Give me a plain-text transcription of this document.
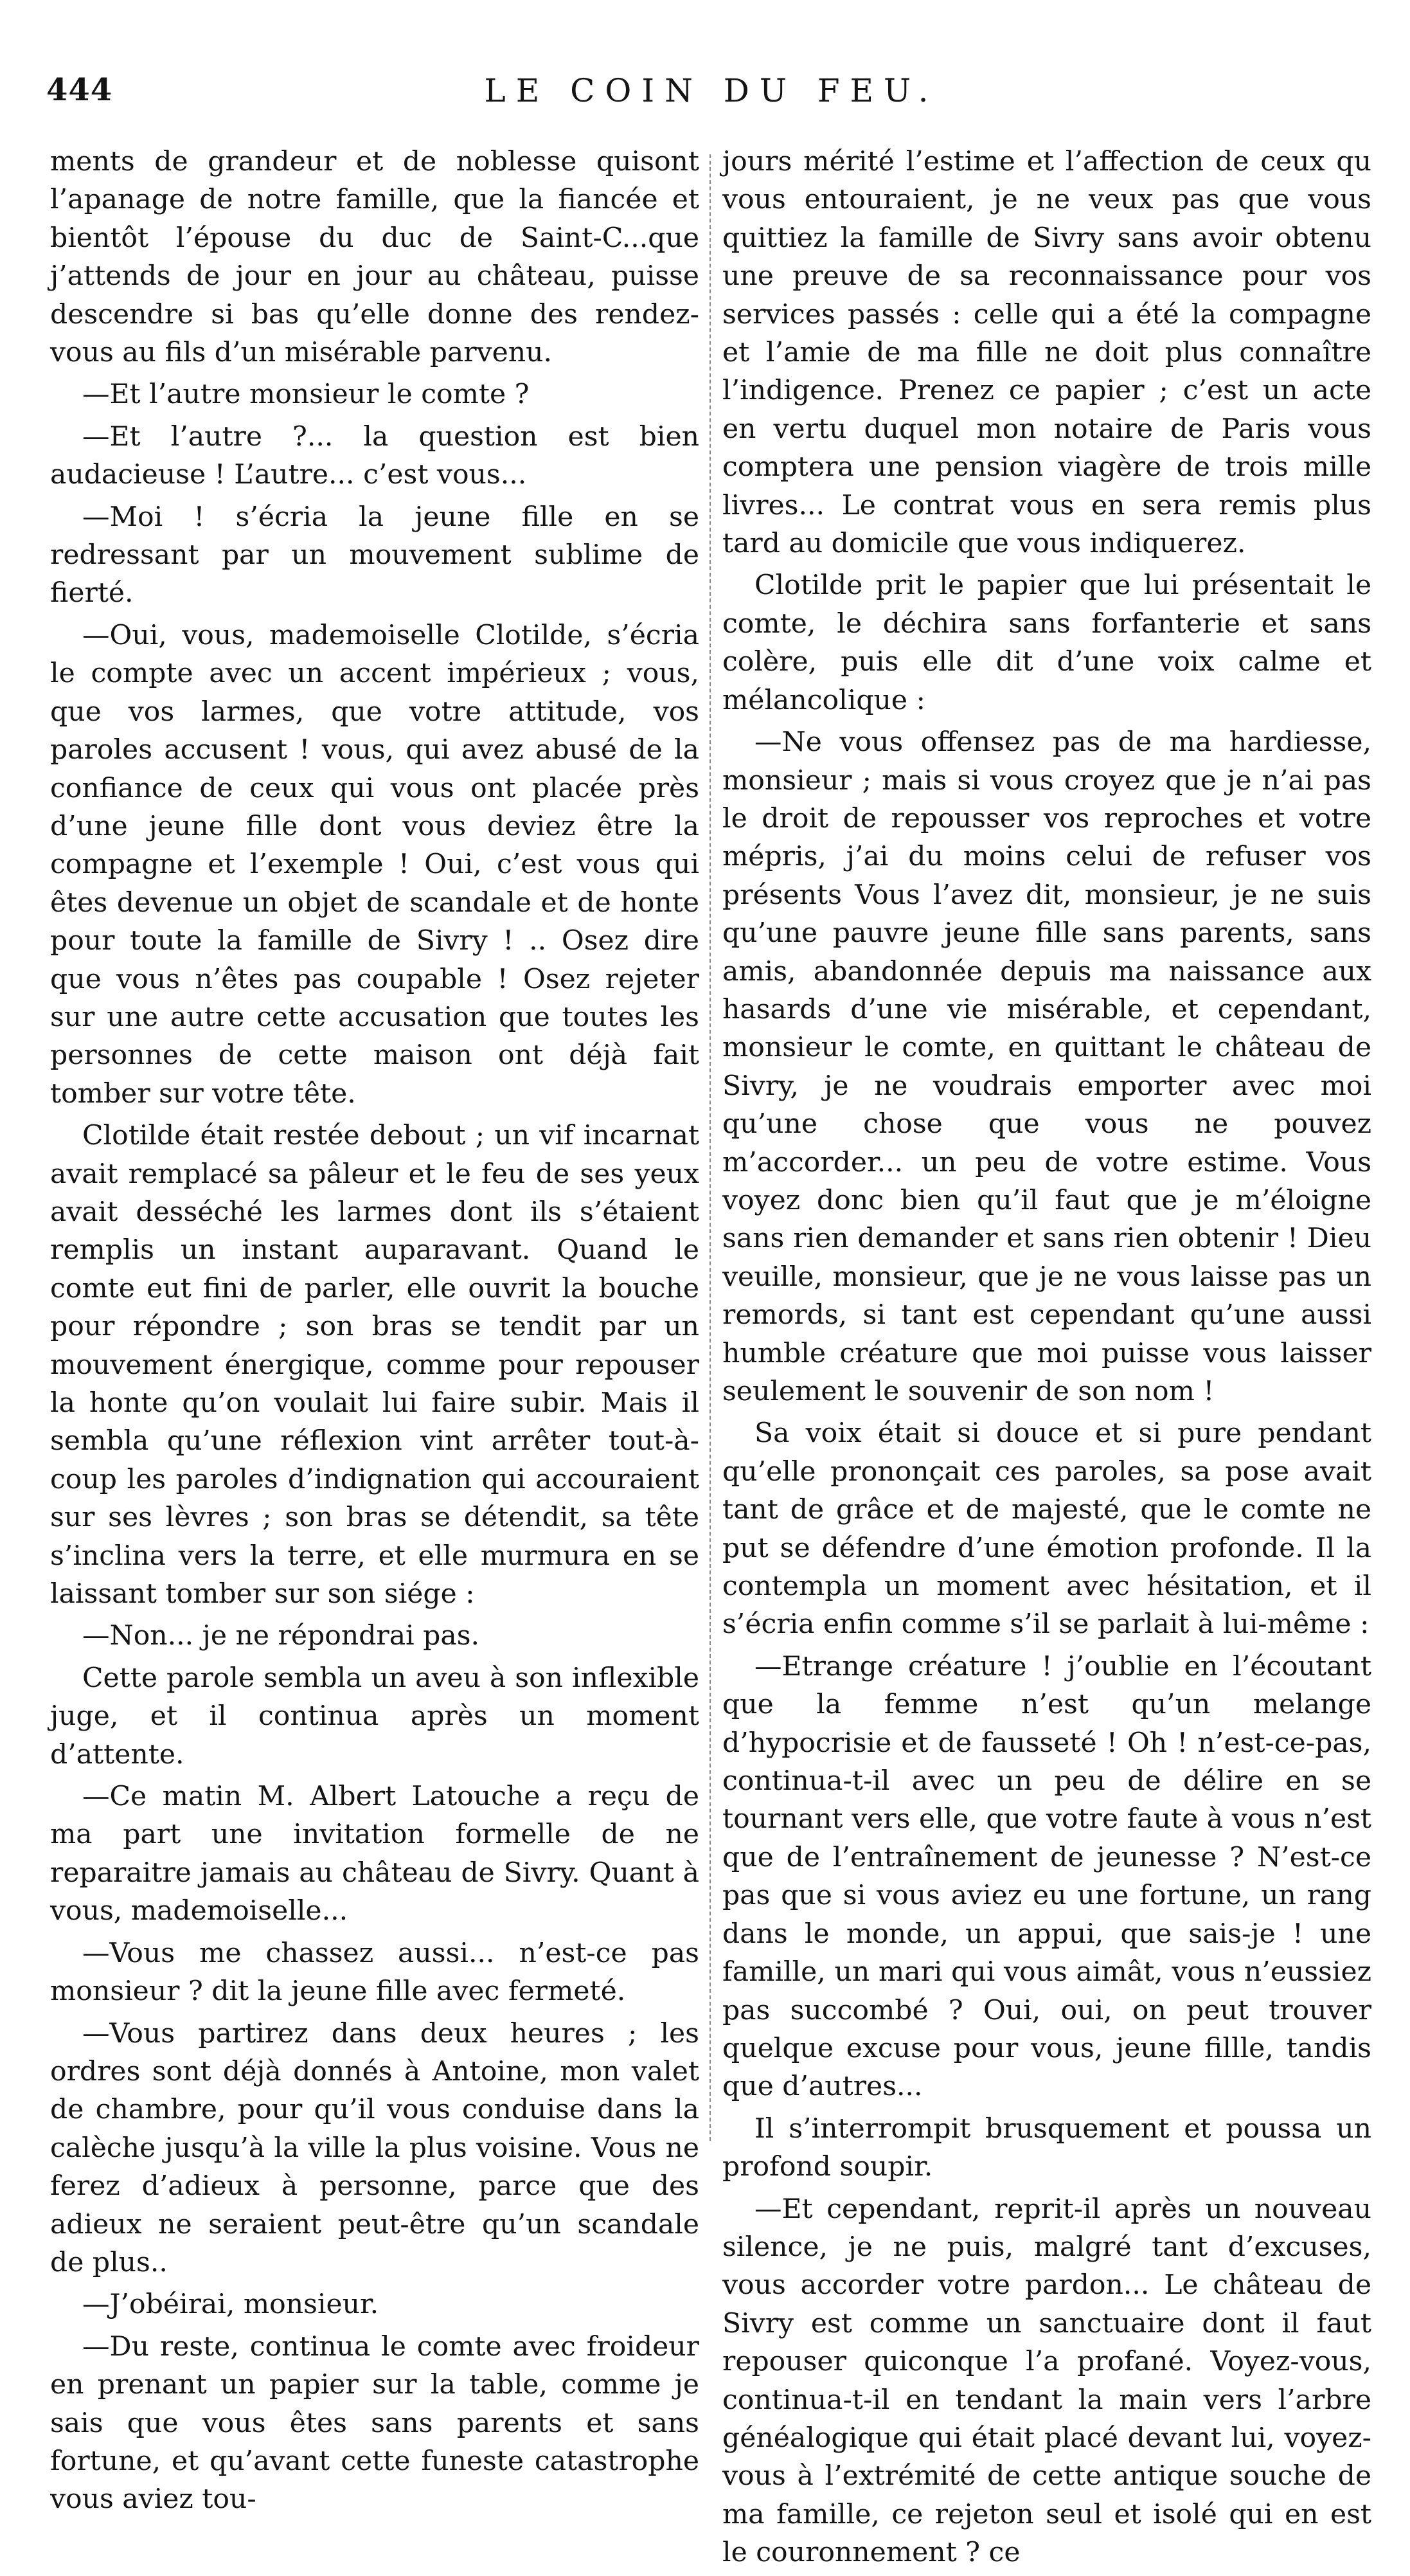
444	LE COIN DU FEU.

ments de grandeur et de noblesse quisont l’apanage de notre famille, que la fiancée et bientôt l’épouse du duc de Saint-C...que j’attends de jour en jour au château, puisse descendre si bas qu’elle donne des rendez-vous au fils d’un misérable parvenu.

—Et l’autre monsieur le comte ?

—Et l’autre ?... la question est bien audacieuse ! L’autre... c’est vous...

—Moi ! s’écria la jeune fille en se redressant par un mouvement sublime de fierté.

—Oui, vous, mademoiselle Clotilde, s’écria le compte avec un accent impérieux ; vous, que vos larmes, que votre attitude, vos paroles accusent ! vous, qui avez abusé de la confiance de ceux qui vous ont placée près d’une jeune fille dont vous deviez être la compagne et l’exemple ! Oui, c’est vous qui êtes devenue un objet de scandale et de honte pour toute la famille de Sivry ! .. Osez dire que vous n’êtes pas coupable ! Osez rejeter sur une autre cette accusation que toutes les personnes de cette maison ont déjà fait tomber sur votre tête.

Clotilde était restée debout ; un vif incarnat avait remplacé sa pâleur et le feu de ses yeux avait desséché les larmes dont ils s’étaient remplis un instant auparavant. Quand le comte eut fini de parler, elle ouvrit la bouche pour répondre ; son bras se tendit par un mouvement énergique, comme pour repouser la honte qu’on voulait lui faire subir. Mais il sembla qu’une réflexion vint arrêter tout-à-coup les paroles d’indignation qui accouraient sur ses lèvres ; son bras se détendit, sa tête s’inclina vers la terre, et elle murmura en se laissant tomber sur son siége :

—Non... je ne répondrai pas.

Cette parole sembla un aveu à son inflexible juge, et il continua après un moment d’attente.

—Ce matin M. Albert Latouche a reçu de ma part une invitation formelle de ne reparaitre jamais au château de Sivry. Quant à vous, mademoiselle...

—Vous me chassez aussi... n’est-ce pas monsieur ? dit la jeune fille avec fermeté.

—Vous partirez dans deux heures ; les ordres sont déjà donnés à Antoine, mon valet de chambre, pour qu’il vous conduise dans la calèche jusqu’à la ville la plus voisine. Vous ne ferez d’adieux à personne, parce que des adieux ne seraient peut-être qu’un scandale de plus..

—J’obéirai, monsieur.

—Du reste, continua le comte avec froideur en prenant un papier sur la table, comme je sais que vous êtes sans parents et sans fortune, et qu’avant cette funeste catastrophe vous aviez tou-

jours mérité l’estime et l’affection de ceux qu vous entouraient, je ne veux pas que vous quittiez la famille de Sivry sans avoir obtenu une preuve de sa reconnaissance pour vos services passés : celle qui a été la compagne et l’amie de ma fille ne doit plus connaître l’indigence. Prenez ce papier ; c’est un acte en vertu duquel mon notaire de Paris vous comptera une pension viagère de trois mille livres... Le contrat vous en sera remis plus tard au domicile que vous indiquerez.

Clotilde prit le papier que lui présentait le comte, le déchira sans forfanterie et sans colère, puis elle dit d’une voix calme et mélancolique :

—Ne vous offensez pas de ma hardiesse, monsieur ; mais si vous croyez que je n’ai pas le droit de repousser vos reproches et votre mépris, j’ai du moins celui de refuser vos présents Vous l’avez dit, monsieur, je ne suis qu’une pauvre jeune fille sans parents, sans amis, abandonnée depuis ma naissance aux hasards d’une vie misérable, et cependant, monsieur le comte, en quittant le château de Sivry, je ne voudrais emporter avec moi qu’une chose que vous ne pouvez m’accorder... un peu de votre estime. Vous voyez donc bien qu’il faut que je m’éloigne sans rien demander et sans rien obtenir ! Dieu veuille, monsieur, que je ne vous laisse pas un remords, si tant est cependant qu’une aussi humble créature que moi puisse vous laisser seulement le souvenir de son nom !

Sa voix était si douce et si pure pendant qu’elle prononçait ces paroles, sa pose avait tant de grâce et de majesté, que le comte ne put se défendre d’une émotion profonde. Il la contempla un moment avec hésitation, et il s’écria enfin comme s’il se parlait à lui-même :

—Etrange créature ! j’oublie en l’écoutant que la femme n’est qu’un melange d’hypocrisie et de fausseté ! Oh ! n’est-ce-pas, continua-t-il avec un peu de délire en se tournant vers elle, que votre faute à vous n’est que de l’entraînement de jeunesse ? N’est-ce pas que si vous aviez eu une fortune, un rang dans le monde, un appui, que sais-je ! une famille, un mari qui vous aimât, vous n’eussiez pas succombé ? Oui, oui, on peut trouver quelque excuse pour vous, jeune fillle, tandis que d’autres...

Il s’interrompit brusquement et poussa un profond soupir.

—Et cependant, reprit-il après un nouveau silence, je ne puis, malgré tant d’excuses, vous accorder votre pardon... Le château de Sivry est comme un sanctuaire dont il faut repouser quiconque l’a profané. Voyez-vous, continua-t-il en tendant la main vers l’arbre généalogique qui était placé devant lui, voyez-vous à l’extrémité de cette antique souche de ma famille, ce rejeton seul et isolé qui en est le couronnement ? ce
